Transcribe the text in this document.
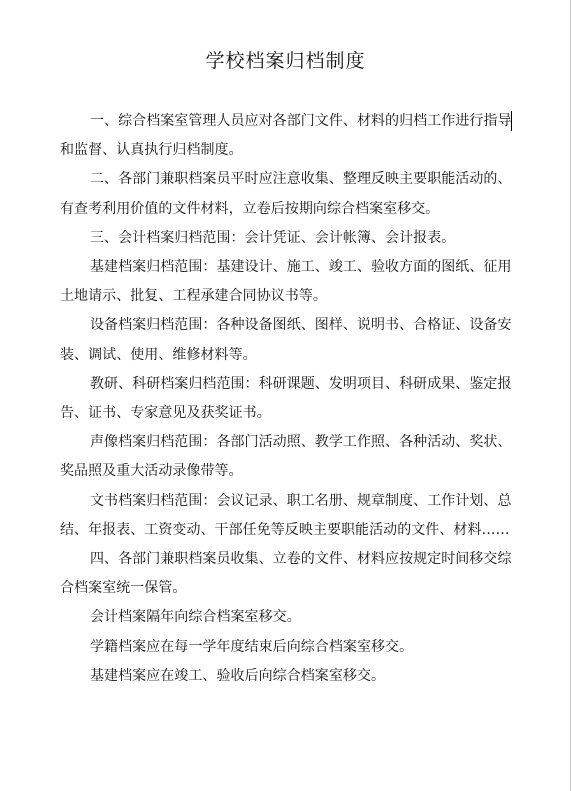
学校档案归档制度

一、综合档案室管理人员应对各部门文件、材料的归档工作进行指导和监督、认真执行归档制度。

二、各部门兼职档案员平时应注意收集、整理反映主要职能活动的、有查考利用价值的文件材料，立卷后按期向综合档案室移交。

三、会计档案归档范围：会计凭证、会计帐簿、会计报表。

基建档案归档范围：基建设计、施工、竣工、验收方面的图纸、征用土地请示、批复、工程承建合同协议书等。

设备档案归档范围：各种设备图纸、图样、说明书、合格证、设备安装、调试、使用、维修材料等。

教研、科研档案归档范围：科研课题、发明项目、科研成果、鉴定报告、证书、专家意见及获奖证书。

声像档案归档范围：各部门活动照、教学工作照、各种活动、奖状、奖品照及重大活动录像带等。

文书档案归档范围：会议记录、职工名册、规章制度、工作计划、总结、年报表、工资变动、干部任免等反映主要职能活动的文件、材料……

四、各部门兼职档案员收集、立卷的文件、材料应按规定时间移交综合档案室统一保管。

会计档案隔年向综合档案室移交。

学籍档案应在每一学年度结束后向综合档案室移交。

基建档案应在竣工、验收后向综合档案室移交。
